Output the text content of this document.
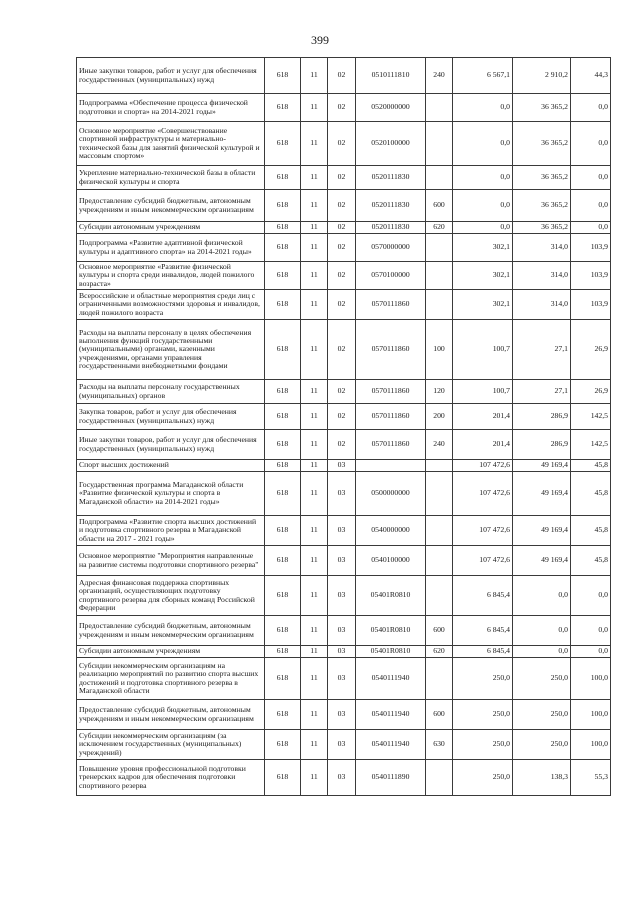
399
Иные закупки товаров, работ и услуг для обеспечения государственных (муниципальных) нужд	618	11	02	0510111810	240	6 567,1	2 910,2	44,3
Подпрограмма «Обеспечение процесса физической подготовки и спорта» на 2014-2021 годы»	618	11	02	0520000000		0,0	36 365,2	0,0
Основное мероприятие «Совершенствование спортивной инфраструктуры и материально-технической базы для занятий физической культурой и массовым спортом»	618	11	02	0520100000		0,0	36 365,2	0,0
Укрепление материально-технической базы в области физической культуры и спорта	618	11	02	0520111830		0,0	36 365,2	0,0
Предоставление субсидий бюджетным, автономным учреждениям и иным некоммерческим организациям	618	11	02	0520111830	600	0,0	36 365,2	0,0
Субсидии автономным учреждениям	618	11	02	0520111830	620	0,0	36 365,2	0,0
Подпрограмма «Развитие адаптивной физической культуры и адаптивного спорта» на 2014-2021 годы»	618	11	02	0570000000		302,1	314,0	103,9
Основное мероприятие «Развитие физической культуры и спорта среди инвалидов, людей пожилого возраста»	618	11	02	0570100000		302,1	314,0	103,9
Всероссийские и областные мероприятия среди лиц с ограниченными возможностями здоровья и инвалидов, людей пожилого возраста	618	11	02	0570111860		302,1	314,0	103,9
Расходы на выплаты персоналу в целях обеспечения выполнения функций государственными (муниципальными) органами, казенными учреждениями, органами управления государственными внебюджетными фондами	618	11	02	0570111860	100	100,7	27,1	26,9
Расходы на выплаты персоналу государственных (муниципальных) органов	618	11	02	0570111860	120	100,7	27,1	26,9
Закупка товаров, работ и услуг для обеспечения государственных (муниципальных) нужд	618	11	02	0570111860	200	201,4	286,9	142,5
Иные закупки товаров, работ и услуг для обеспечения государственных (муниципальных) нужд	618	11	02	0570111860	240	201,4	286,9	142,5
Спорт высших достижений	618	11	03			107 472,6	49 169,4	45,8
Государственная программа Магаданской области «Развитие физической культуры и спорта в Магаданской области» на 2014-2021 годы»	618	11	03	0500000000		107 472,6	49 169,4	45,8
Подпрограмма «Развитие спорта высших достижений и подготовка спортивного резерва в Магаданской области на 2017 - 2021 годы»	618	11	03	0540000000		107 472,6	49 169,4	45,8
Основное мероприятие "Мероприятия направленные на развитие системы подготовки спортивного резерва"	618	11	03	0540100000		107 472,6	49 169,4	45,8
Адресная финансовая поддержка спортивных организаций, осуществляющих подготовку спортивного резерва для сборных команд Российской Федерации	618	11	03	05401R0810		6 845,4	0,0	0,0
Предоставление субсидий бюджетным, автономным учреждениям и иным некоммерческим организациям	618	11	03	05401R0810	600	6 845,4	0,0	0,0
Субсидии автономным учреждениям	618	11	03	05401R0810	620	6 845,4	0,0	0,0
Субсидии некоммерческим организациям на реализацию мероприятий по развитию спорта высших достижений и подготовка спортивного резерва в Магаданской области	618	11	03	0540111940		250,0	250,0	100,0
Предоставление субсидий бюджетным, автономным учреждениям и иным некоммерческим организациям	618	11	03	0540111940	600	250,0	250,0	100,0
Субсидии некоммерческим организациям (за исключением государственных (муниципальных) учреждений)	618	11	03	0540111940	630	250,0	250,0	100,0
Повышение уровня профессиональной подготовки тренерских кадров для обеспечения подготовки спортивного резерва	618	11	03	0540111890		250,0	138,3	55,3
